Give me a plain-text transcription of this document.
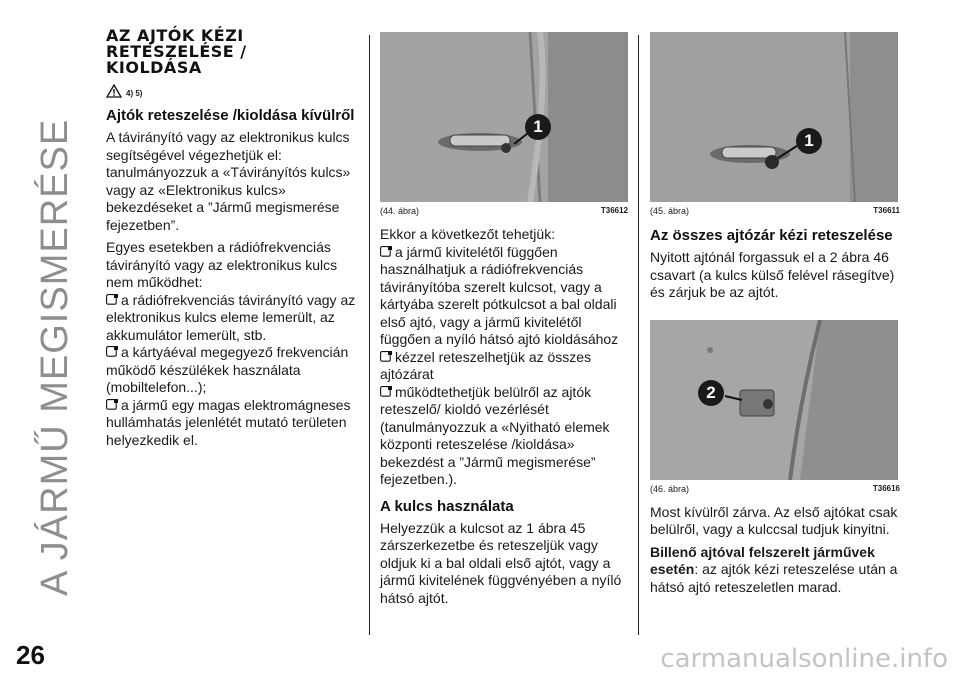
A JÁRMŰ MEGISMERÉSE
26
AZ AJTÓK KÉZI
RETESZELÉSE /
KIOLDÁSA
4) 5)
Ajtók reteszelése /kioldása kívülről

A távirányító vagy az elektronikus kulcs segítségével végezhetjük el: tanulmányozzuk a «Távirányítós kulcs» vagy az «Elektronikus kulcs» bekezdéseket a ”Jármű megismerése fejezetben”.

Egyes esetekben a rádiófrekvenciás távirányító vagy az elektronikus kulcs nem működhet:

a rádiófrekvenciás távirányító vagy az elektronikus kulcs eleme lemerült, az akkumulátor lemerült, stb.
a kártyáéval megegyező frekvencián működő készülékek használata (mobiltelefon...);
a jármű egy magas elektromágneses hullámhatás jelenlétét mutató területen helyezkedik el.
1
(44. ábra)	T36612

Ekkor a következőt tehetjük:

a jármű kivitelétől függően használhatjuk a rádiófrekvenciás távirányítóba szerelt kulcsot, vagy a kártyába szerelt pótkulcsot a bal oldali első ajtó, vagy a jármű kivitelétől függően a nyíló hátsó ajtó kioldásához
kézzel reteszelhetjük az összes ajtózárat
működtethetjük belülről az ajtók reteszelő/ kioldó vezérlését (tanulmányozzuk a «Nyitható elemek központi reteszelése /kioldása» bekezdést a ”Jármű megismerése” fejezetben.).
A kulcs használata

Helyezzük a kulcsot az 1 ábra 45 zárszerkezetbe és reteszeljük vagy oldjuk ki a bal oldali első ajtót, vagy a jármű kivitelének függvényében a nyíló hátsó ajtót.

1
(45. ábra)	T36611
Az összes ajtózár kézi reteszelése

Nyitott ajtónál forgassuk el a 2 ábra 46 csavart (a kulcs külső felével rásegítve) és zárjuk be az ajtót.

2
(46. ábra)	T36616

Most kívülről zárva. Az első ajtókat csak belülről, vagy a kulccsal tudjuk kinyitni.

Billenő ajtóval felszerelt járművek esetén: az ajtók kézi reteszelése után a hátsó ajtó reteszeletlen marad.

carmanualsonline.info
